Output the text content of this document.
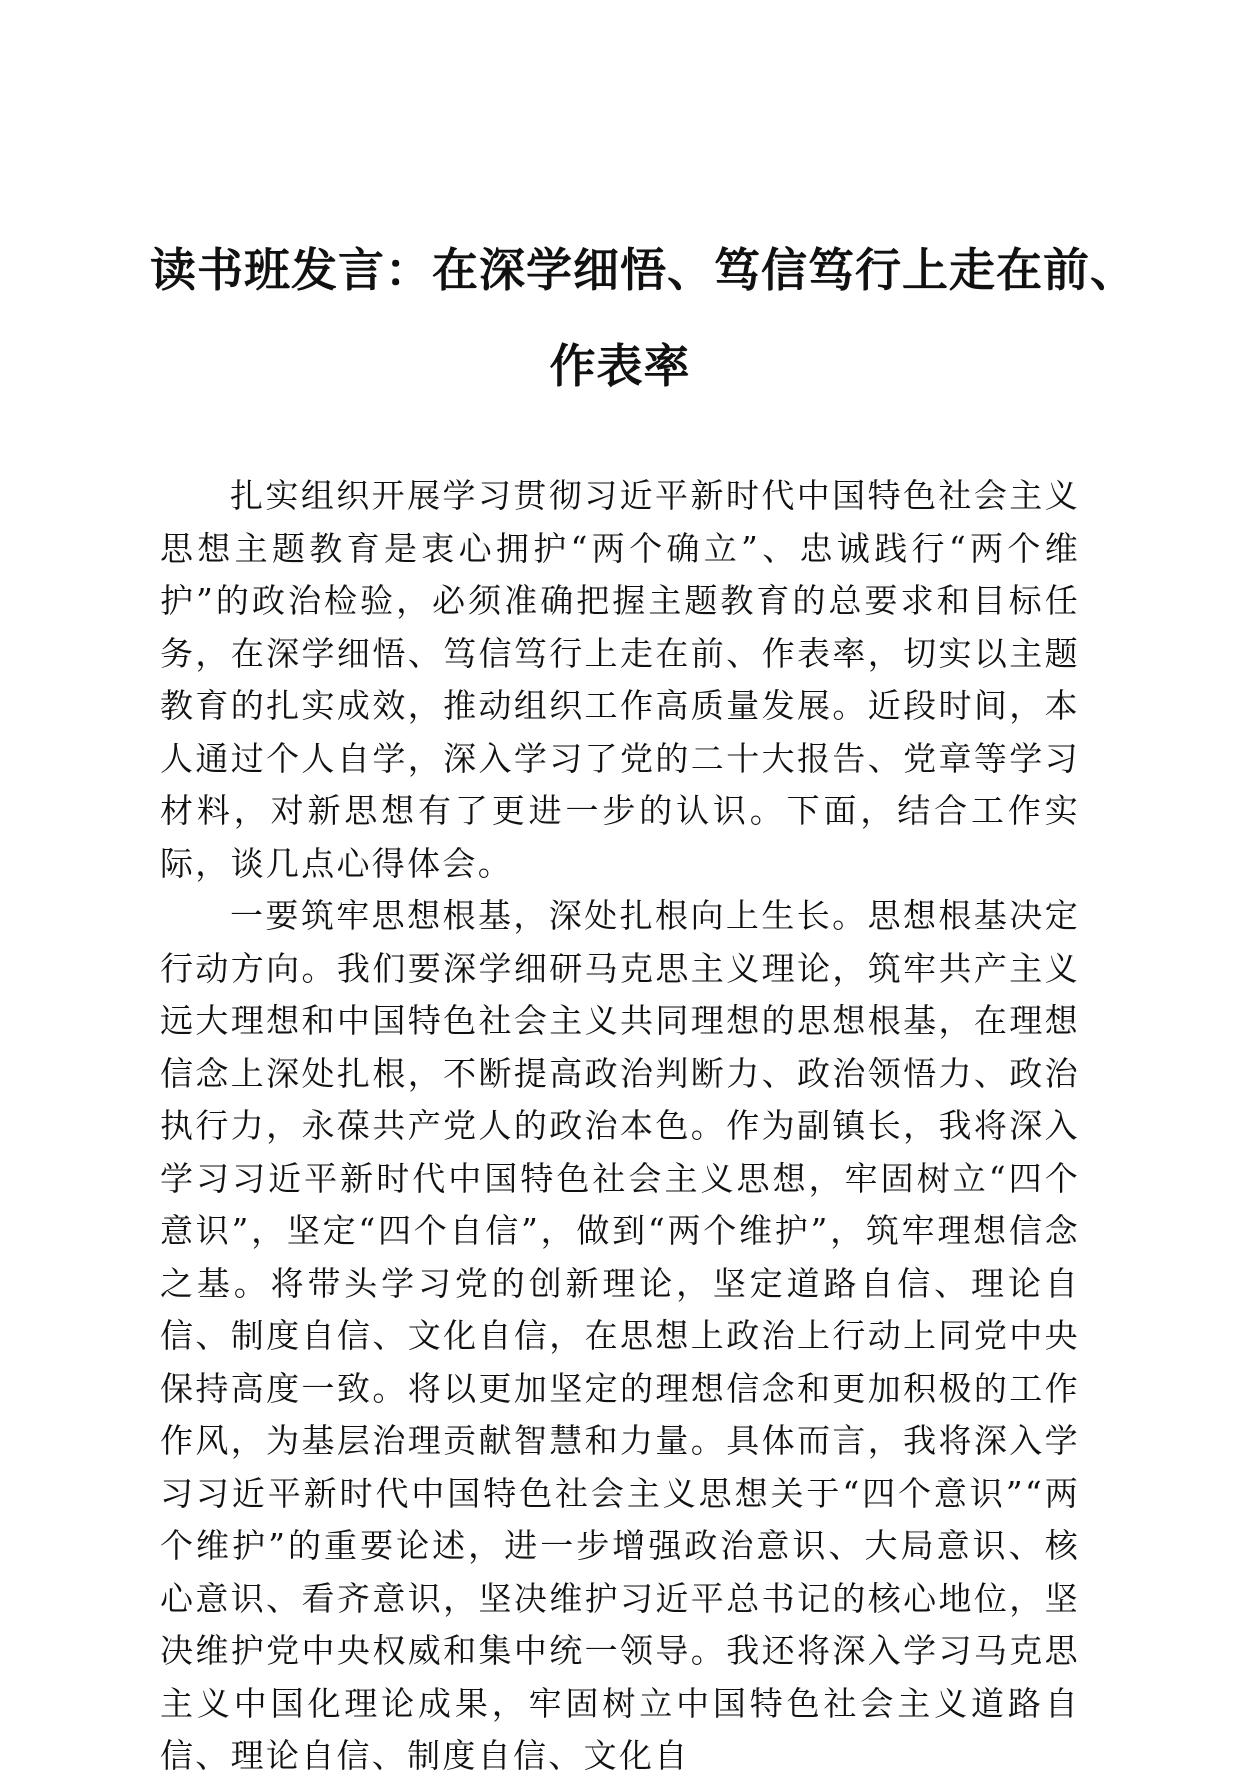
读书班发言：在深学细悟、笃信笃行上走在前、
作表率

扎实组织开展学习贯彻习近平新时代中国特色社会主义思想主题教育是衷心拥护“两个确立”、忠诚践行“两个维护”的政治检验，必须准确把握主题教育的总要求和目标任务，在深学细悟、笃信笃行上走在前、作表率，切实以主题教育的扎实成效，推动组织工作高质量发展。近段时间，本人通过个人自学，深入学习了党的二十大报告、党章等学习材料，对新思想有了更进一步的认识。下面，结合工作实际，谈几点心得体会。

一要筑牢思想根基，深处扎根向上生长。思想根基决定行动方向。我们要深学细研马克思主义理论，筑牢共产主义远大理想和中国特色社会主义共同理想的思想根基，在理想信念上深处扎根，不断提高政治判断力、政治领悟力、政治执行力，永葆共产党人的政治本色。作为副镇长，我将深入学习习近平新时代中国特色社会主义思想，牢固树立“四个意识”，坚定“四个自信”，做到“两个维护”，筑牢理想信念之基。将带头学习党的创新理论，坚定道路自信、理论自信、制度自信、文化自信，在思想上政治上行动上同党中央保持高度一致。将以更加坚定的理想信念和更加积极的工作作风，为基层治理贡献智慧和力量。具体而言，我将深入学习习近平新时代中国特色社会主义思想关于“四个意识”“两个维护”的重要论述，进一步增强政治意识、大局意识、核心意识、看齐意识，坚决维护习近平总书记的核心地位，坚决维护党中央权威和集中统一领导。我还将深入学习马克思主义中国化理论成果，牢固树立中国特色社会主义道路自信、理论自信、制度自信、文化自
